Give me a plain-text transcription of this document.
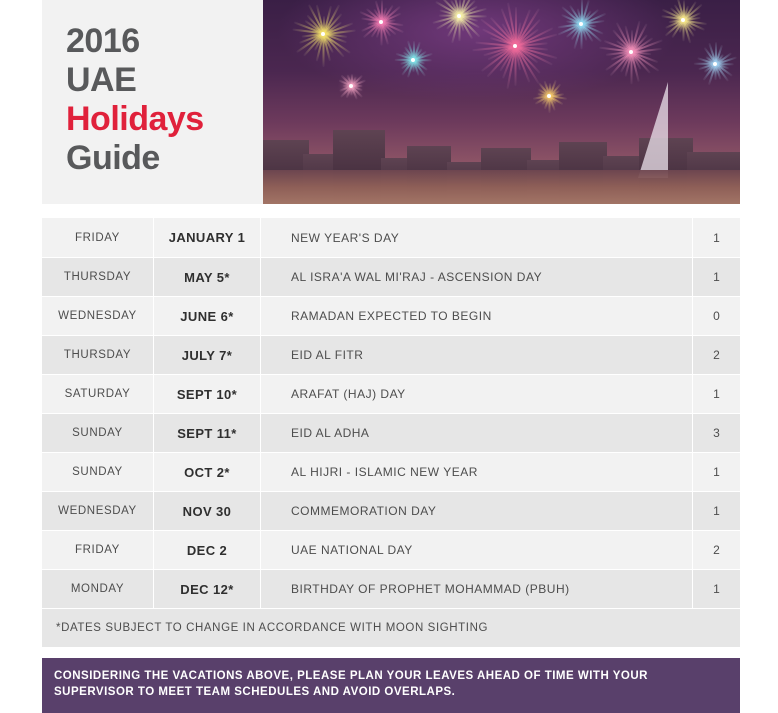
2016
UAE
Holidays
Guide
FRIDAY	JANUARY 1	NEW YEAR'S DAY	1
THURSDAY	MAY 5*	AL ISRA'A WAL MI'RAJ - ASCENSION DAY	1
WEDNESDAY	JUNE 6*	RAMADAN EXPECTED TO BEGIN	0
THURSDAY	JULY 7*	EID AL FITR	2
SATURDAY	SEPT 10*	ARAFAT (HAJ) DAY	1
SUNDAY	SEPT 11*	EID AL ADHA	3
SUNDAY	OCT 2*	AL HIJRI - ISLAMIC NEW YEAR	1
WEDNESDAY	NOV 30	COMMEMORATION DAY	1
FRIDAY	DEC 2	UAE NATIONAL DAY	2
MONDAY	DEC 12*	BIRTHDAY OF PROPHET MOHAMMAD (PBUH)	1
*DATES SUBJECT TO CHANGE IN ACCORDANCE WITH MOON SIGHTING
CONSIDERING THE VACATIONS ABOVE, PLEASE PLAN YOUR LEAVES AHEAD OF TIME WITH YOUR SUPERVISOR TO MEET TEAM SCHEDULES AND AVOID OVERLAPS.
